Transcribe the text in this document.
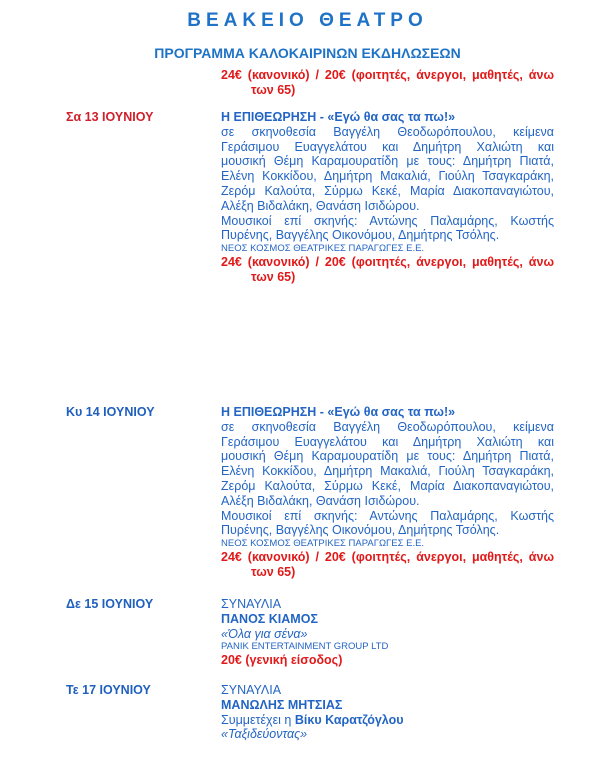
ΒΕΑΚΕΙΟ ΘΕΑΤΡΟ
ΠΡΟΓΡΑΜΜΑ ΚΑΛΟΚΑΙΡΙΝΩΝ ΕΚΔΗΛΩΣΕΩΝ
24€ (κανονικό) / 20€ (φοιτητές, άνεργοι, μαθητές, άνω
των 65)
Σα 13 ΙΟΥΝΙΟΥ	Η ΕΠΙΘΕΩΡΗΣΗ - «Εγώ θα σας τα πω!»
σε σκηνοθεσία Βαγγέλη Θεοδωρόπουλου, κείμενα
Γεράσιμου Ευαγγελάτου και Δημήτρη Χαλιώτη και
μουσική Θέμη Καραμουρατίδη με τους: Δημήτρη Πιατά,
Ελένη Κοκκίδου, Δημήτρη Μακαλιά, Γιούλη Τσαγκαράκη,
Ζερόμ Καλούτα, Σύρμω Κεκέ, Μαρία Διακοπαναγιώτου,
Αλέξη Βιδαλάκη, Θανάση Ισιδώρου.
Μουσικοί επί σκηνής: Αντώνης Παλαμάρης, Κωστής
Πυρένης, Βαγγέλης Οικονόμου, Δημήτρης Τσόλης.
ΝΕΟΣ ΚΟΣΜΟΣ ΘΕΑΤΡΙΚΕΣ ΠΑΡΑΓΩΓΕΣ Ε.Ε.
24€ (κανονικό) / 20€ (φοιτητές, άνεργοι, μαθητές, άνω
των 65)
Κυ 14 ΙΟΥΝΙΟΥ	Η ΕΠΙΘΕΩΡΗΣΗ - «Εγώ θα σας τα πω!»
σε σκηνοθεσία Βαγγέλη Θεοδωρόπουλου, κείμενα
Γεράσιμου Ευαγγελάτου και Δημήτρη Χαλιώτη και
μουσική Θέμη Καραμουρατίδη με τους: Δημήτρη Πιατά,
Ελένη Κοκκίδου, Δημήτρη Μακαλιά, Γιούλη Τσαγκαράκη,
Ζερόμ Καλούτα, Σύρμω Κεκέ, Μαρία Διακοπαναγιώτου,
Αλέξη Βιδαλάκη, Θανάση Ισιδώρου.
Μουσικοί επί σκηνής: Αντώνης Παλαμάρης, Κωστής
Πυρένης, Βαγγέλης Οικονόμου, Δημήτρης Τσόλης.
ΝΕΟΣ ΚΟΣΜΟΣ ΘΕΑΤΡΙΚΕΣ ΠΑΡΑΓΩΓΕΣ Ε.Ε.
24€ (κανονικό) / 20€ (φοιτητές, άνεργοι, μαθητές, άνω
των 65)
Δε 15 ΙΟΥΝΙΟΥ	ΣΥΝΑΥΛΙΑ
ΠΑΝΟΣ ΚΙΑΜΟΣ
«Όλα για σένα»
PANIK ENTERTAINMENT GROUP LTD
20€ (γενική είσοδος)
Τε 17 ΙΟΥΝΙΟΥ	ΣΥΝΑΥΛΙΑ
ΜΑΝΩΛΗΣ ΜΗΤΣΙΑΣ
Συμμετέχει η Βίκυ Καρατζόγλου
«Ταξιδεύοντας»
